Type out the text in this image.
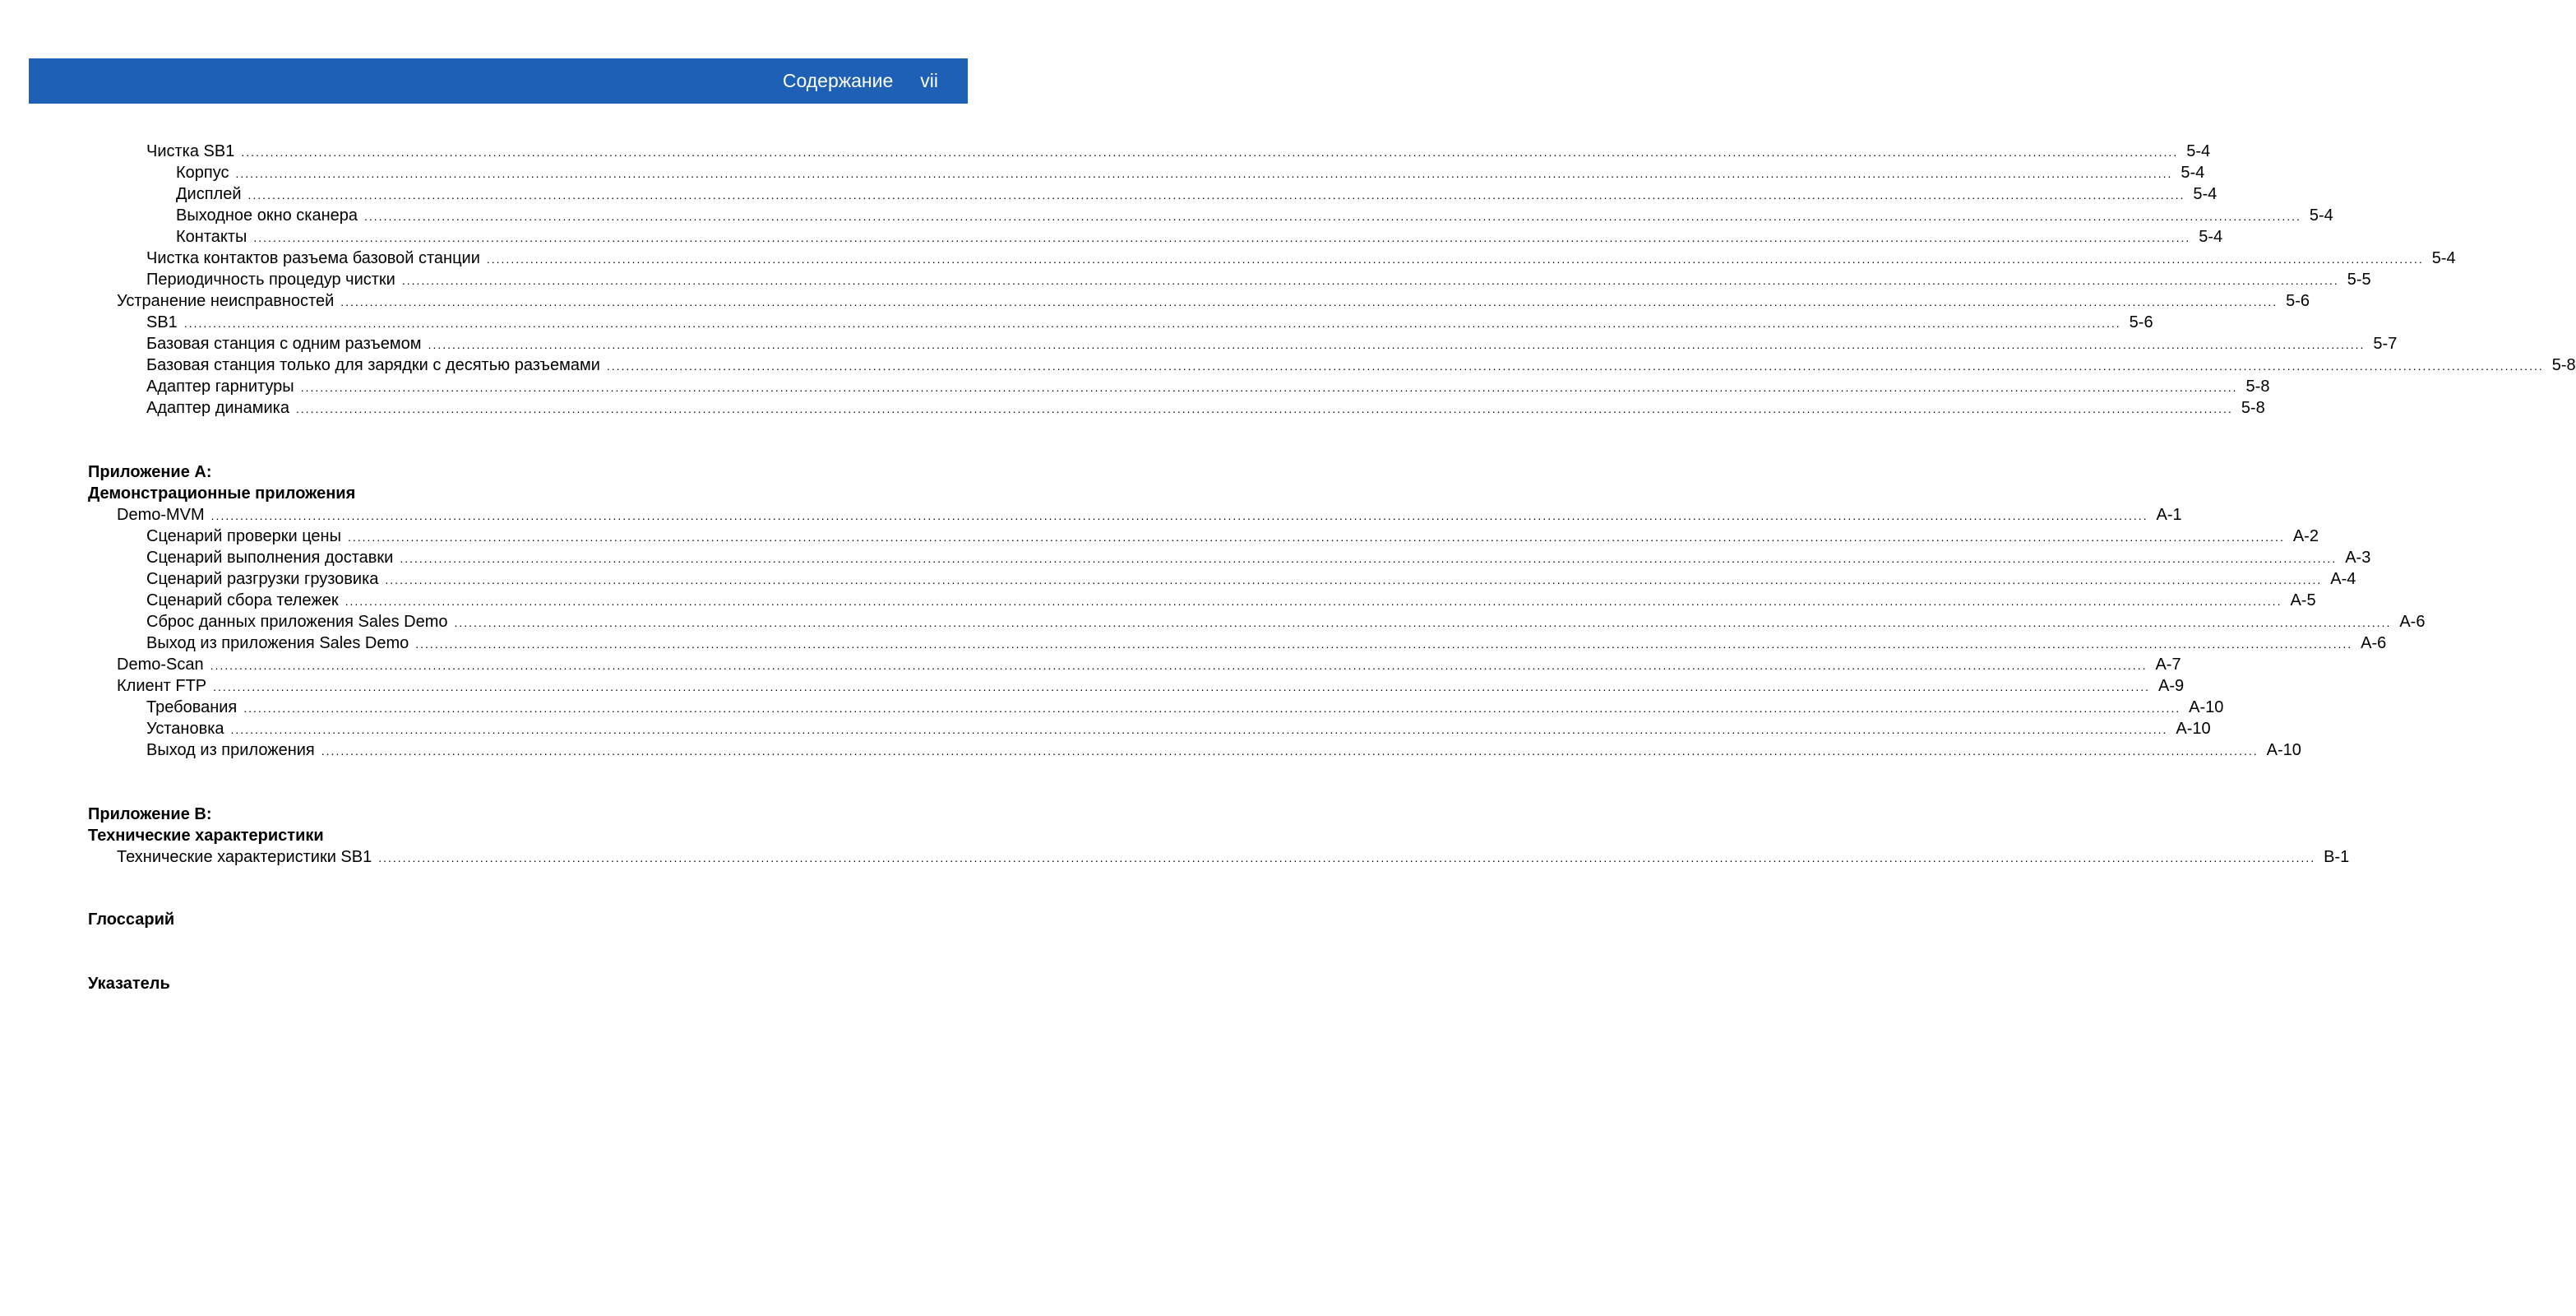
Содержание vii
Чистка SB1 ................................................................................................................................................................................................................................................................................................................................................................................................................ 5-4
Корпус ................................................................................................................................................................................................................................................................................................................................................................................................................ 5-4
Дисплей ................................................................................................................................................................................................................................................................................................................................................................................................................ 5-4
Выходное окно сканера ................................................................................................................................................................................................................................................................................................................................................................................................................ 5-4
Контакты ................................................................................................................................................................................................................................................................................................................................................................................................................ 5-4
Чистка контактов разъема базовой станции ................................................................................................................................................................................................................................................................................................................................................................................................................ 5-4
Периодичность процедур чистки ................................................................................................................................................................................................................................................................................................................................................................................................................ 5-5
Устранение неисправностей ................................................................................................................................................................................................................................................................................................................................................................................................................ 5-6
SB1 ................................................................................................................................................................................................................................................................................................................................................................................................................ 5-6
Базовая станция с одним разъемом ................................................................................................................................................................................................................................................................................................................................................................................................................ 5-7
Базовая станция только для зарядки с десятью разъемами ................................................................................................................................................................................................................................................................................................................................................................................................................ 5-8
Адаптер гарнитуры ................................................................................................................................................................................................................................................................................................................................................................................................................ 5-8
Адаптер динамика ................................................................................................................................................................................................................................................................................................................................................................................................................ 5-8
Приложение A:
Демонстрационные приложения
Demo-MVM ................................................................................................................................................................................................................................................................................................................................................................................................................ A-1
Сценарий проверки цены ................................................................................................................................................................................................................................................................................................................................................................................................................ A-2
Сценарий выполнения доставки ................................................................................................................................................................................................................................................................................................................................................................................................................ A-3
Сценарий разгрузки грузовика ................................................................................................................................................................................................................................................................................................................................................................................................................ A-4
Сценарий сбора тележек ................................................................................................................................................................................................................................................................................................................................................................................................................ A-5
Сброс данных приложения Sales Demo ................................................................................................................................................................................................................................................................................................................................................................................................................ A-6
Выход из приложения Sales Demo ................................................................................................................................................................................................................................................................................................................................................................................................................ A-6
Demo-Scan ................................................................................................................................................................................................................................................................................................................................................................................................................ A-7
Клиент FTP ................................................................................................................................................................................................................................................................................................................................................................................................................ A-9
Требования ................................................................................................................................................................................................................................................................................................................................................................................................................ A-10
Установка ................................................................................................................................................................................................................................................................................................................................................................................................................ A-10
Выход из приложения ................................................................................................................................................................................................................................................................................................................................................................................................................ A-10
Приложение B:
Технические характеристики
Технические характеристики SB1 ................................................................................................................................................................................................................................................................................................................................................................................................................ B-1
Глоссарий
Указатель
